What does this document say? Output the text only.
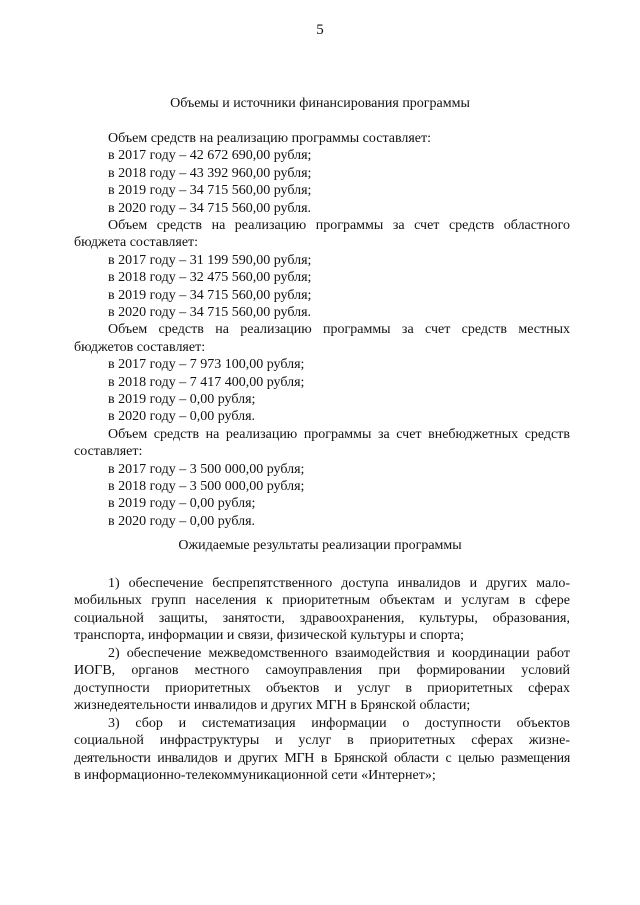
5
Объемы и источники финансирования программы
Объем средств на реализацию программы составляет:
в 2017 году – 42 672 690,00 рубля;
в 2018 году – 43 392 960,00 рубля;
в 2019 году – 34 715 560,00 рубля;
в 2020 году – 34 715 560,00 рубля.
Объем средств на реализацию программы за счет средств областного
бюджета составляет:
в 2017 году – 31 199 590,00 рубля;
в 2018 году – 32 475 560,00 рубля;
в 2019 году – 34 715 560,00 рубля;
в 2020 году – 34 715 560,00 рубля.
Объем средств на реализацию программы за счет средств местных
бюджетов составляет:
в 2017 году – 7 973 100,00 рубля;
в 2018 году – 7 417 400,00 рубля;
в 2019 году – 0,00 рубля;
в 2020 году – 0,00 рубля.
Объем средств на реализацию программы за счет внебюджетных средств
составляет:
в 2017 году – 3 500 000,00 рубля;
в 2018 году – 3 500 000,00 рубля;
в 2019 году – 0,00 рубля;
в 2020 году – 0,00 рубля.
Ожидаемые результаты реализации программы
1) обеспечение беспрепятственного доступа инвалидов и других мало-
мобильных групп населения к приоритетным объектам и услугам в сфере
социальной защиты, занятости, здравоохранения, культуры, образования,
транспорта, информации и связи, физической культуры и спорта;
2) обеспечение межведомственного взаимодействия и координации работ
ИОГВ, органов местного самоуправления при формировании условий
доступности приоритетных объектов и услуг в приоритетных сферах
жизнедеятельности инвалидов и других МГН в Брянской области;
3) сбор и систематизация информации о доступности объектов
социальной инфраструктуры и услуг в приоритетных сферах жизне-
деятельности инвалидов и других МГН в Брянской области с целью размещения
в информационно-телекоммуникационной сети «Интернет»;
